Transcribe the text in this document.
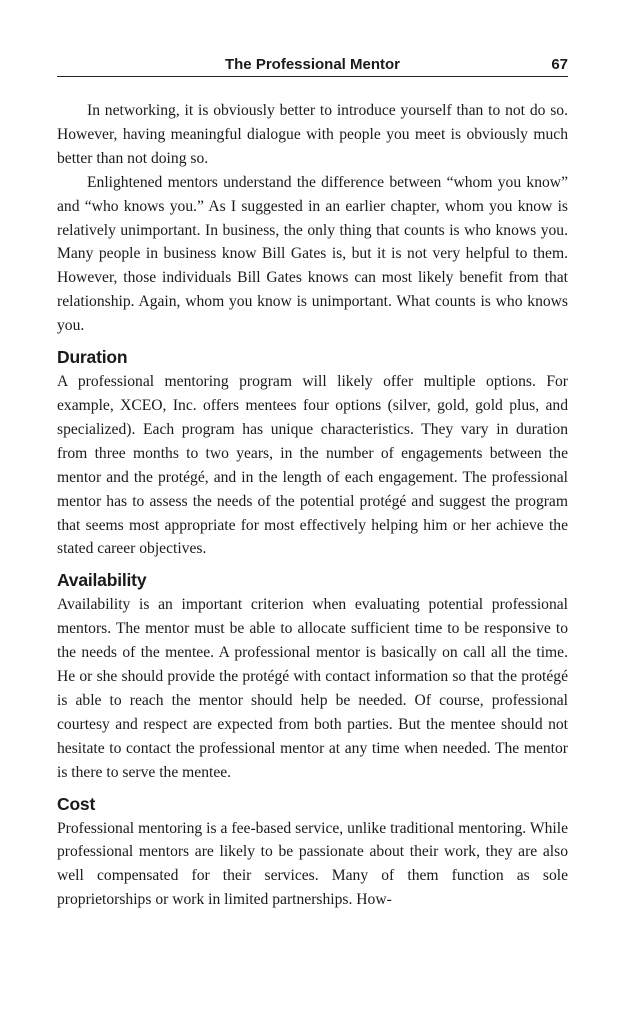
The Professional Mentor	67

In networking, it is obviously better to introduce yourself than to not do so. However, having meaningful dialogue with people you meet is obviously much better than not doing so.

Enlightened mentors understand the difference between “whom you know” and “who knows you.” As I suggested in an earlier chapter, whom you know is relatively unimportant. In business, the only thing that counts is who knows you. Many people in business know Bill Gates is, but it is not very helpful to them. However, those individuals Bill Gates knows can most likely benefit from that relationship. Again, whom you know is unimportant. What counts is who knows you.

Duration

A professional mentoring program will likely offer multiple options. For example, XCEO, Inc. offers mentees four options (silver, gold, gold plus, and specialized). Each program has unique characteristics. They vary in duration from three months to two years, in the number of engagements between the mentor and the protégé, and in the length of each engagement. The professional mentor has to assess the needs of the potential protégé and suggest the program that seems most appropriate for most effectively helping him or her achieve the stated career objectives.

Availability

Availability is an important criterion when evaluating potential professional mentors. The mentor must be able to allocate sufficient time to be responsive to the needs of the mentee. A professional mentor is basically on call all the time. He or she should provide the protégé with contact information so that the protégé is able to reach the mentor should help be needed. Of course, professional courtesy and respect are expected from both parties. But the mentee should not hesitate to contact the professional mentor at any time when needed. The mentor is there to serve the mentee.

Cost

Professional mentoring is a fee-based service, unlike traditional mentoring. While professional mentors are likely to be passionate about their work, they are also well compensated for their services. Many of them function as sole proprietorships or work in limited partnerships. How-
